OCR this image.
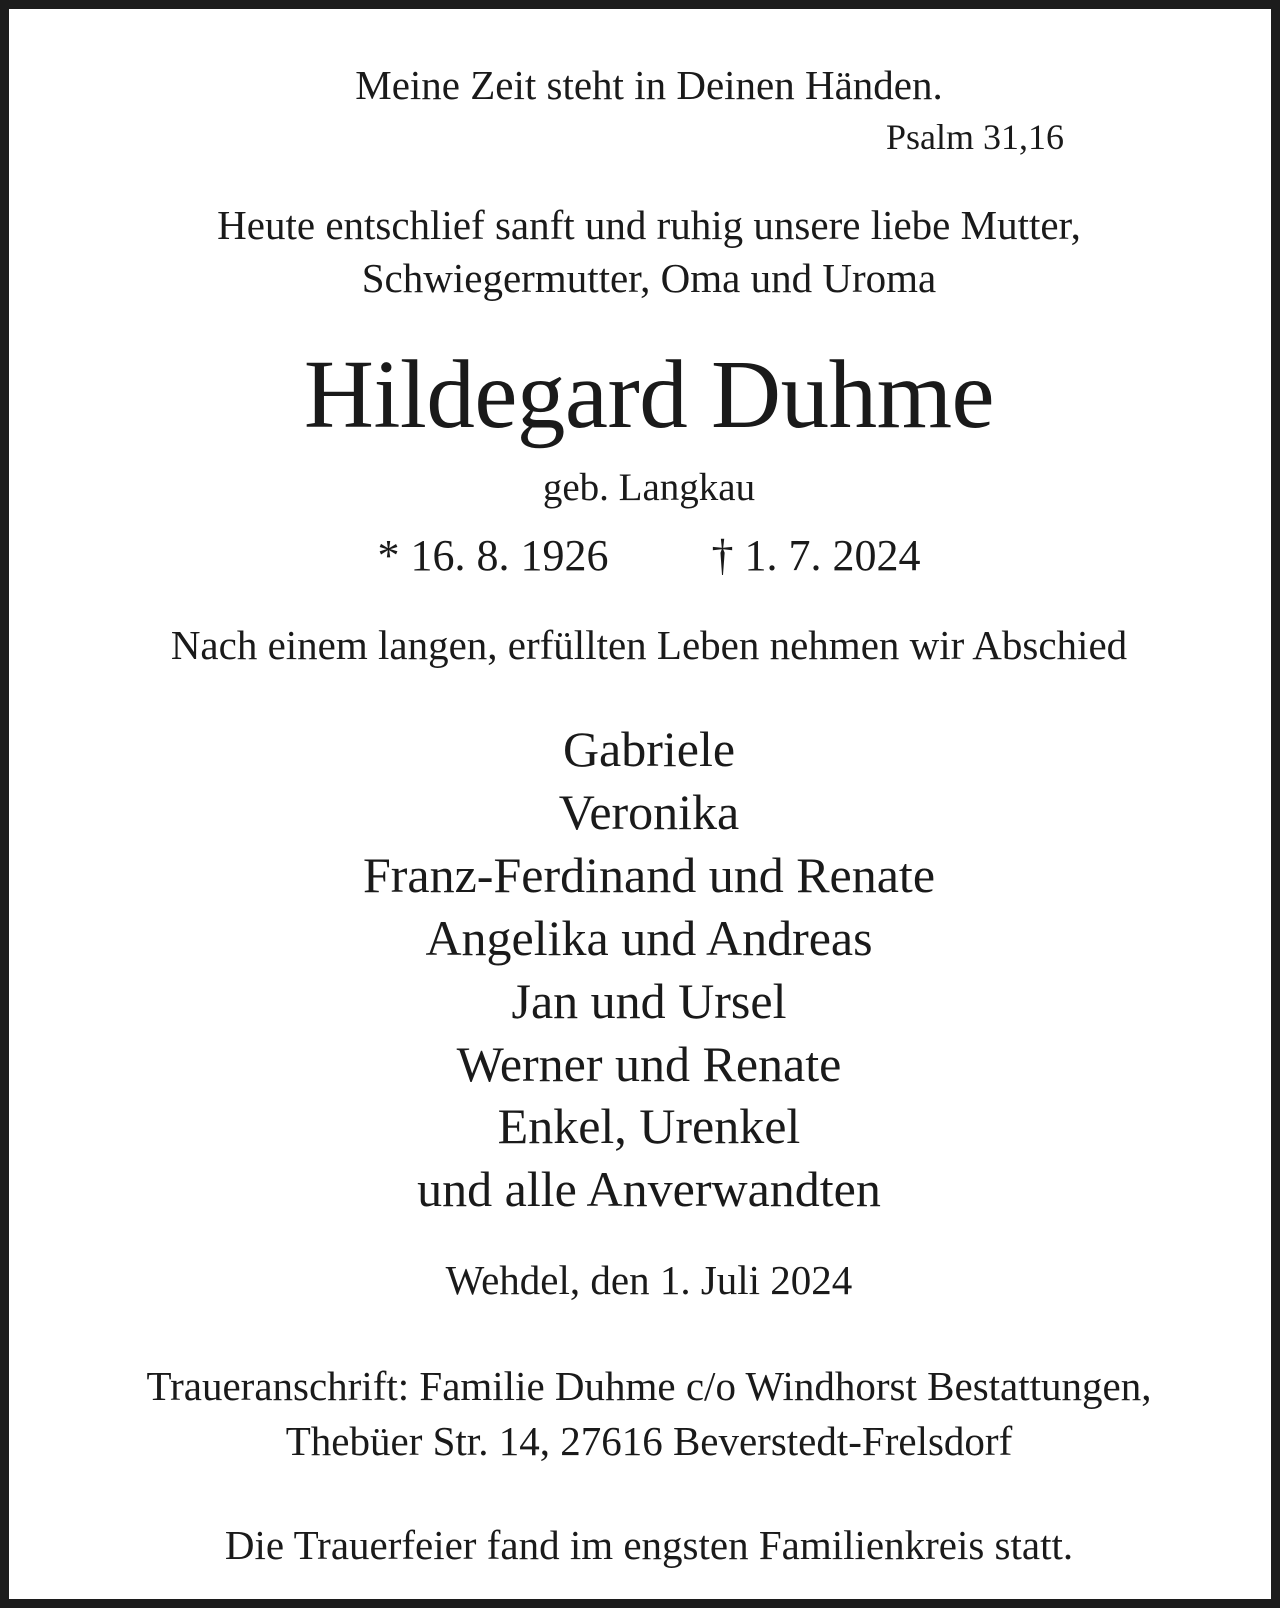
Meine Zeit steht in Deinen Händen.
Psalm 31,16
Heute entschlief sanft und ruhig unsere liebe Mutter,
Schwiegermutter, Oma und Uroma
Hildegard Duhme
geb. Langkau
* 16. 8. 1926 † 1. 7. 2024
Nach einem langen, erfüllten Leben nehmen wir Abschied
Gabriele
Veronika
Franz-Ferdinand und Renate
Angelika und Andreas
Jan und Ursel
Werner und Renate
Enkel, Urenkel
und alle Anverwandten
Wehdel, den 1. Juli 2024
Traueranschrift: Familie Duhme c/o Windhorst Bestattungen,
Thebüer Str. 14, 27616 Beverstedt-Frelsdorf
Die Trauerfeier fand im engsten Familienkreis statt.
